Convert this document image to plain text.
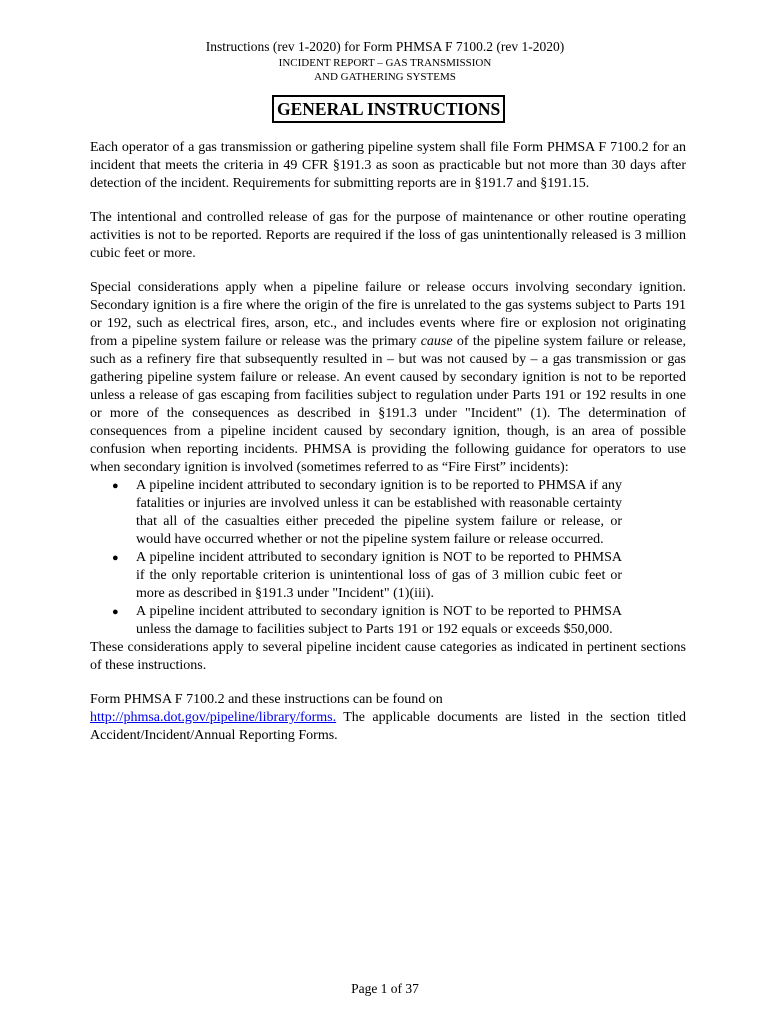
Instructions (rev 1-2020) for Form PHMSA F 7100.2 (rev 1-2020)
INCIDENT REPORT – GAS TRANSMISSION
AND GATHERING SYSTEMS
GENERAL INSTRUCTIONS

Each operator of a gas transmission or gathering pipeline system shall file Form PHMSA F 7100.2 for an incident that meets the criteria in 49 CFR §191.3 as soon as practicable but not more than 30 days after detection of the incident. Requirements for submitting reports are in §191.7 and §191.15.

The intentional and controlled release of gas for the purpose of maintenance or other routine operating activities is not to be reported. Reports are required if the loss of gas unintentionally released is 3 million cubic feet or more.

Special considerations apply when a pipeline failure or release occurs involving secondary ignition. Secondary ignition is a fire where the origin of the fire is unrelated to the gas systems subject to Parts 191 or 192, such as electrical fires, arson, etc., and includes events where fire or explosion not originating from a pipeline system failure or release was the primary cause of the pipeline system failure or release, such as a refinery fire that subsequently resulted in – but was not caused by – a gas transmission or gas gathering pipeline system failure or release. An event caused by secondary ignition is not to be reported unless a release of gas escaping from facilities subject to regulation under Parts 191 or 192 results in one or more of the consequences as described in §191.3 under "Incident" (1). The determination of consequences from a pipeline incident caused by secondary ignition, though, is an area of possible confusion when reporting incidents. PHMSA is providing the following guidance for operators to use when secondary ignition is involved (sometimes referred to as “Fire First” incidents):

● A pipeline incident attributed to secondary ignition is to be reported to PHMSA if any fatalities or injuries are involved unless it can be established with reasonable certainty that all of the casualties either preceded the pipeline system failure or release, or would have occurred whether or not the pipeline system failure or release occurred.
● A pipeline incident attributed to secondary ignition is NOT to be reported to PHMSA if the only reportable criterion is unintentional loss of gas of 3 million cubic feet or more as described in §191.3 under "Incident" (1)(iii).
● A pipeline incident attributed to secondary ignition is NOT to be reported to PHMSA unless the damage to facilities subject to Parts 191 or 192 equals or exceeds $50,000.

These considerations apply to several pipeline incident cause categories as indicated in pertinent sections of these instructions.

Form PHMSA F 7100.2 and these instructions can be found on
http://phmsa.dot.gov/pipeline/library/forms. The applicable documents are listed in the section titled Accident/Incident/Annual Reporting Forms.

Page 1 of 37
